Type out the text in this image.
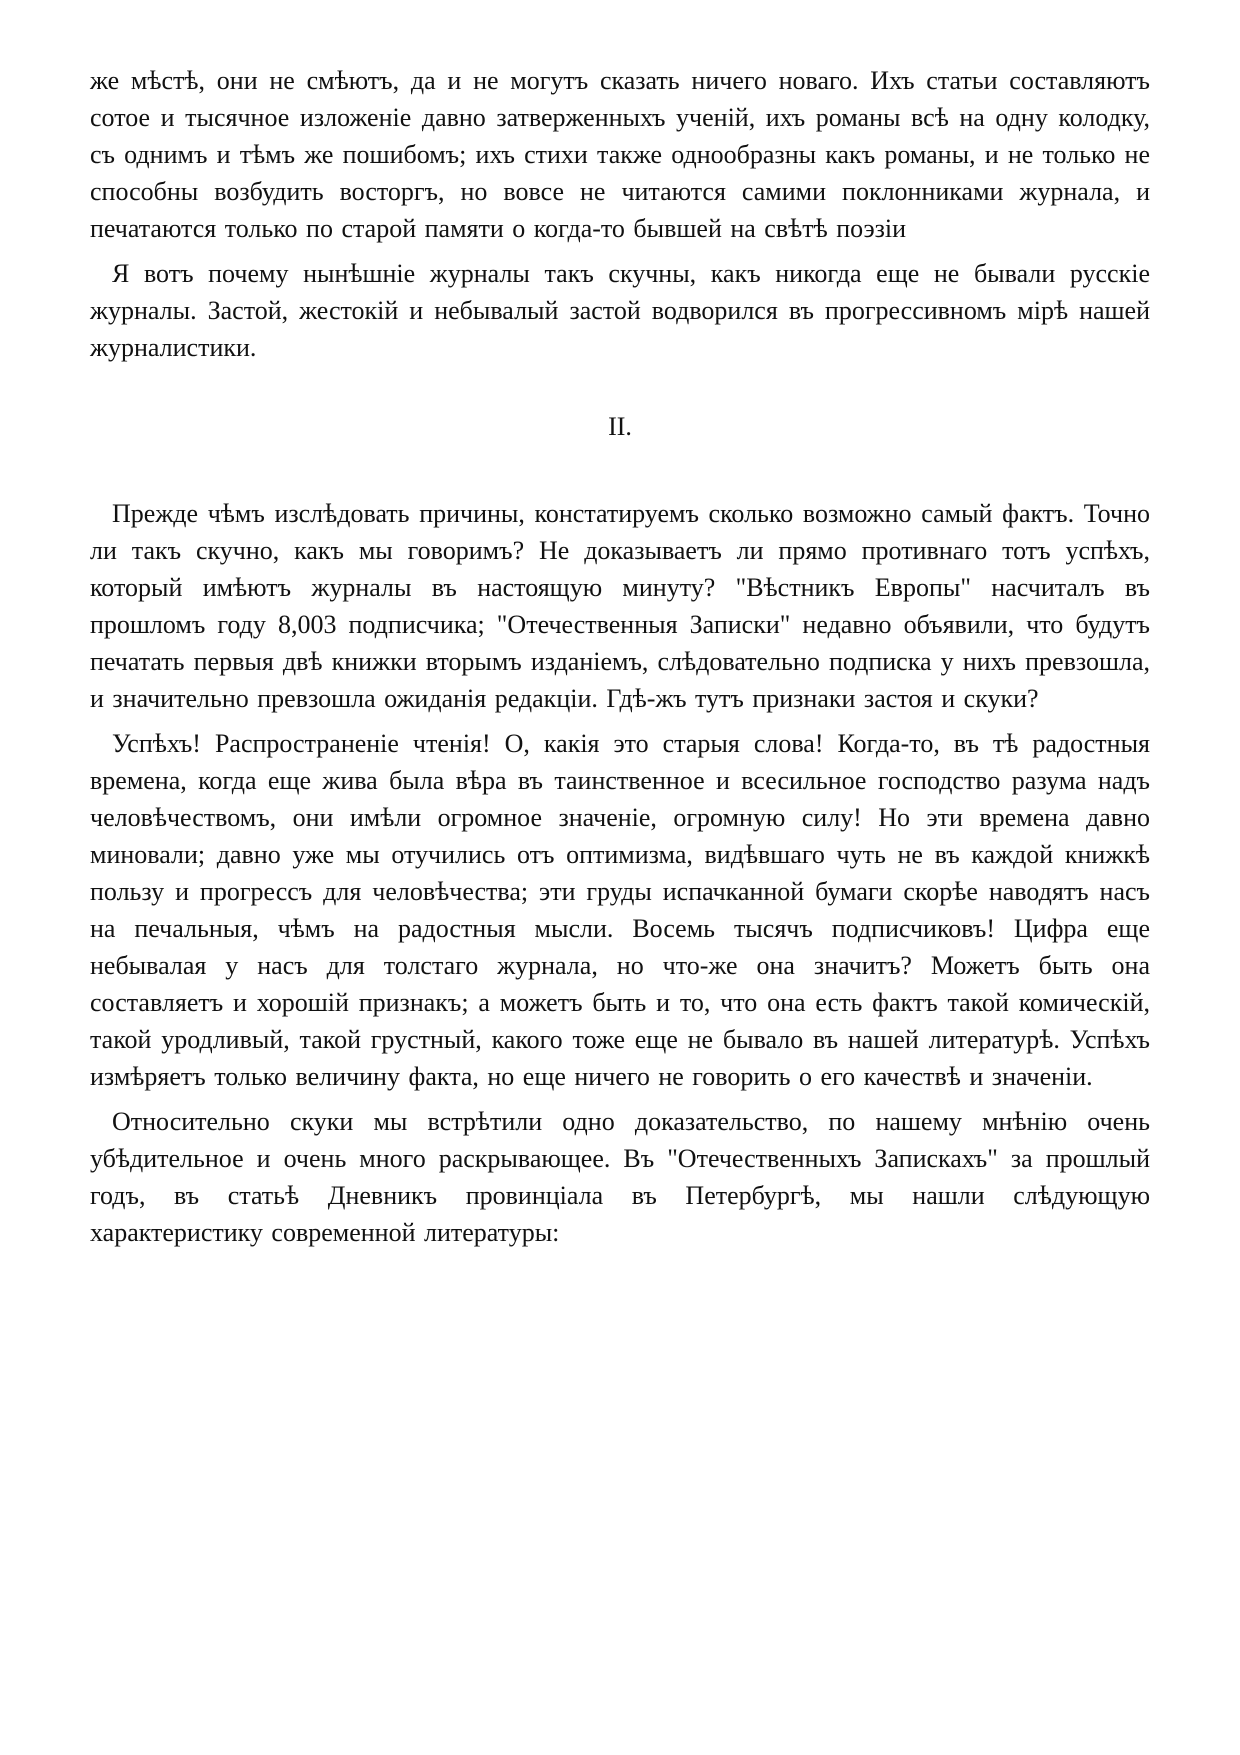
же мѣстѣ, они не смѣютъ, да и не могутъ сказать ничего новаго. Ихъ статьи составляютъ сотое и тысячное изложеніе давно затверженныхъ ученій, ихъ романы всѣ на одну колодку, съ однимъ и тѣмъ же пошибомъ; ихъ стихи также однообразны какъ романы, и не только не способны возбудить восторгъ, но вовсе не читаются самими поклонниками журнала, и печатаются только по старой памяти о когда-то бывшей на свѣтѣ поэзіи

Я вотъ почему нынѣшніе журналы такъ скучны, какъ никогда еще не бывали русскіе журналы. Застой, жестокій и небывалый застой водворился въ прогрессивномъ мірѣ нашей журналистики.

II.

Прежде чѣмъ изслѣдовать причины, констатируемъ сколько возможно самый фактъ. Точно ли такъ скучно, какъ мы говоримъ? Не доказываетъ ли прямо противнаго тотъ успѣхъ, который имѣютъ журналы въ настоящую минуту? "Вѣстникъ Европы" насчиталъ въ прошломъ году 8,003 подписчика; "Отечественныя Записки" недавно объявили, что будутъ печатать первыя двѣ книжки вторымъ изданіемъ, слѣдовательно подписка у нихъ превзошла, и значительно превзошла ожиданія редакціи. Гдѣ-жъ тутъ признаки застоя и скуки?

Успѣхъ! Распространеніе чтенія! О, какія это старыя слова! Когда-то, въ тѣ радостныя времена, когда еще жива была вѣра въ таинственное и всесильное господство разума надъ человѣчествомъ, они имѣли огромное значеніе, огромную силу! Но эти времена давно миновали; давно уже мы отучились отъ оптимизма, видѣвшаго чуть не въ каждой книжкѣ пользу и прогрессъ для человѣчества; эти груды испачканной бумаги скорѣе наводятъ насъ на печальныя, чѣмъ на радостныя мысли. Восемь тысячъ подписчиковъ! Цифра еще небывалая у насъ для толстаго журнала, но что-же она значитъ? Можетъ быть она составляетъ и хорошій признакъ; а можетъ быть и то, что она есть фактъ такой комическій, такой уродливый, такой грустный, какого тоже еще не бывало въ нашей литературѣ. Успѣхъ измѣряетъ только величину факта, но еще ничего не говорить о его качествѣ и значеніи.

Относительно скуки мы встрѣтили одно доказательство, по нашему мнѣнію очень убѣдительное и очень много раскрывающее. Въ "Отечественныхъ Запискахъ" за прошлый годъ, въ статьѣ Дневникъ провинціала въ Петербургѣ, мы нашли слѣдующую характеристику современной литературы:
